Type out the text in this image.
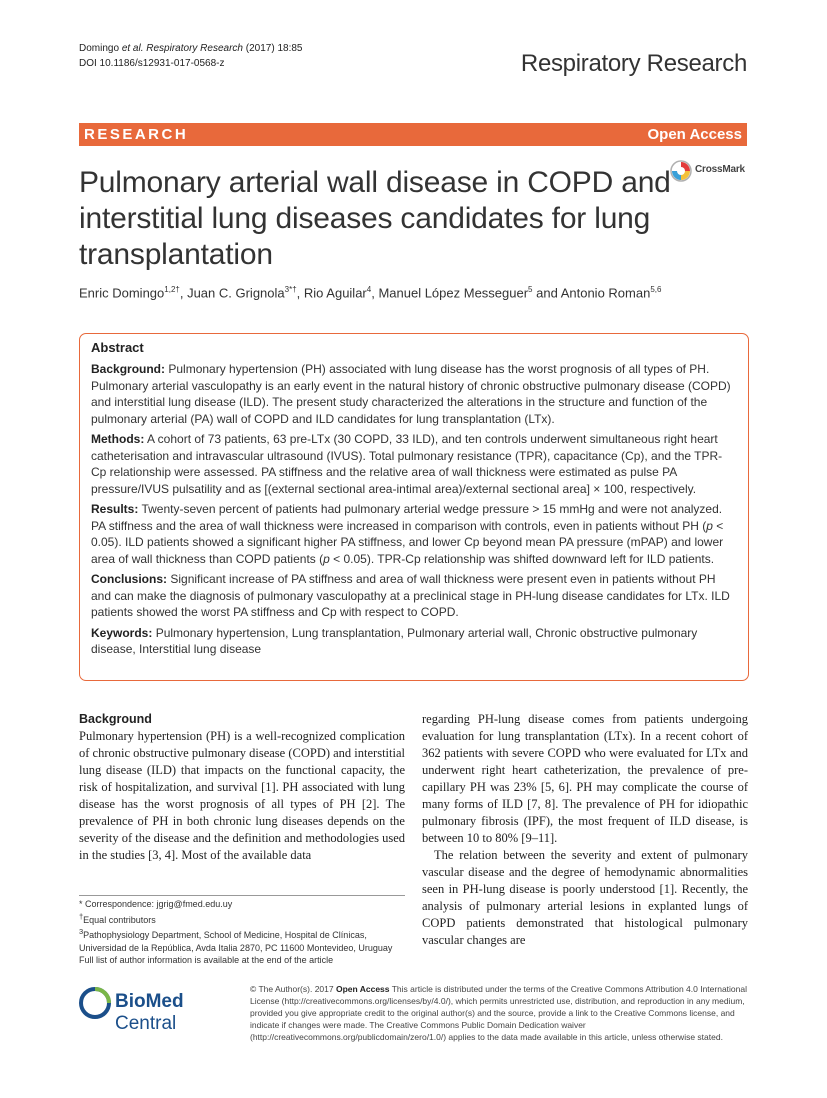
Domingo et al. Respiratory Research (2017) 18:85
DOI 10.1186/s12931-017-0568-z	Respiratory Research
RESEARCH	Open Access
CrossMark
Pulmonary arterial wall disease in COPD and interstitial lung diseases candidates for lung transplantation
Enric Domingo$^{1,2\dagger}$, Juan C. Grignola$^{3*\dagger}$, Rio Aguilar$^4$, Manuel López Messeguer$^5$ and Antonio Roman$^{5,6}$
Abstract

Background: Pulmonary hypertension (PH) associated with lung disease has the worst prognosis of all types of PH. Pulmonary arterial vasculopathy is an early event in the natural history of chronic obstructive pulmonary disease (COPD) and interstitial lung disease (ILD). The present study characterized the alterations in the structure and function of the pulmonary arterial (PA) wall of COPD and ILD candidates for lung transplantation (LTx).

Methods: A cohort of 73 patients, 63 pre-LTx (30 COPD, 33 ILD), and ten controls underwent simultaneous right heart catheterisation and intravascular ultrasound (IVUS). Total pulmonary resistance (TPR), capacitance (Cp), and the TPR-Cp relationship were assessed. PA stiffness and the relative area of wall thickness were estimated as pulse PA pressure/IVUS pulsatility and as [(external sectional area-intimal area)/external sectional area] × 100, respectively.

Results: Twenty-seven percent of patients had pulmonary arterial wedge pressure > 15 mmHg and were not analyzed. PA stiffness and the area of wall thickness were increased in comparison with controls, even in patients without PH (p < 0.05). ILD patients showed a significant higher PA stiffness, and lower Cp beyond mean PA pressure (mPAP) and lower area of wall thickness than COPD patients (p < 0.05). TPR-Cp relationship was shifted downward left for ILD patients.

Conclusions: Significant increase of PA stiffness and area of wall thickness were present even in patients without PH and can make the diagnosis of pulmonary vasculopathy at a preclinical stage in PH-lung disease candidates for LTx. ILD patients showed the worst PA stiffness and Cp with respect to COPD.

Keywords: Pulmonary hypertension, Lung transplantation, Pulmonary arterial wall, Chronic obstructive pulmonary disease, Interstitial lung disease

Background

Pulmonary hypertension (PH) is a well-recognized complication of chronic obstructive pulmonary disease (COPD) and interstitial lung disease (ILD) that impacts on the functional capacity, the risk of hospitalization, and survival [1]. PH associated with lung disease has the worst prognosis of all types of PH [2]. The prevalence of PH in both chronic lung diseases depends on the severity of the disease and the definition and methodologies used in the studies [3, 4]. Most of the available data

regarding PH-lung disease comes from patients undergoing evaluation for lung transplantation (LTx). In a recent cohort of 362 patients with severe COPD who were evaluated for LTx and underwent right heart catheterization, the prevalence of pre-capillary PH was 23% [5, 6]. PH may complicate the course of many forms of ILD [7, 8]. The prevalence of PH for idiopathic pulmonary fibrosis (IPF), the most frequent of ILD disease, is between 10 to 80% [9–11].

The relation between the severity and extent of pulmonary vascular disease and the degree of hemodynamic abnormalities seen in PH-lung disease is poorly understood [1]. Recently, the analysis of pulmonary arterial lesions in explanted lungs of COPD patients demonstrated that histological pulmonary vascular changes are

* Correspondence: jgrig@fmed.edu.uy
†Equal contributors
$^3$Pathophysiology Department, School of Medicine, Hospital de Clínicas, Universidad de la República, Avda Italia 2870, PC 11600 Montevideo, Uruguay
Full list of author information is available at the end of the article
BioMed Central
© The Author(s). 2017 Open Access This article is distributed under the terms of the Creative Commons Attribution 4.0 International License (http://creativecommons.org/licenses/by/4.0/), which permits unrestricted use, distribution, and reproduction in any medium, provided you give appropriate credit to the original author(s) and the source, provide a link to the Creative Commons license, and indicate if changes were made. The Creative Commons Public Domain Dedication waiver (http://creativecommons.org/publicdomain/zero/1.0/) applies to the data made available in this article, unless otherwise stated.
